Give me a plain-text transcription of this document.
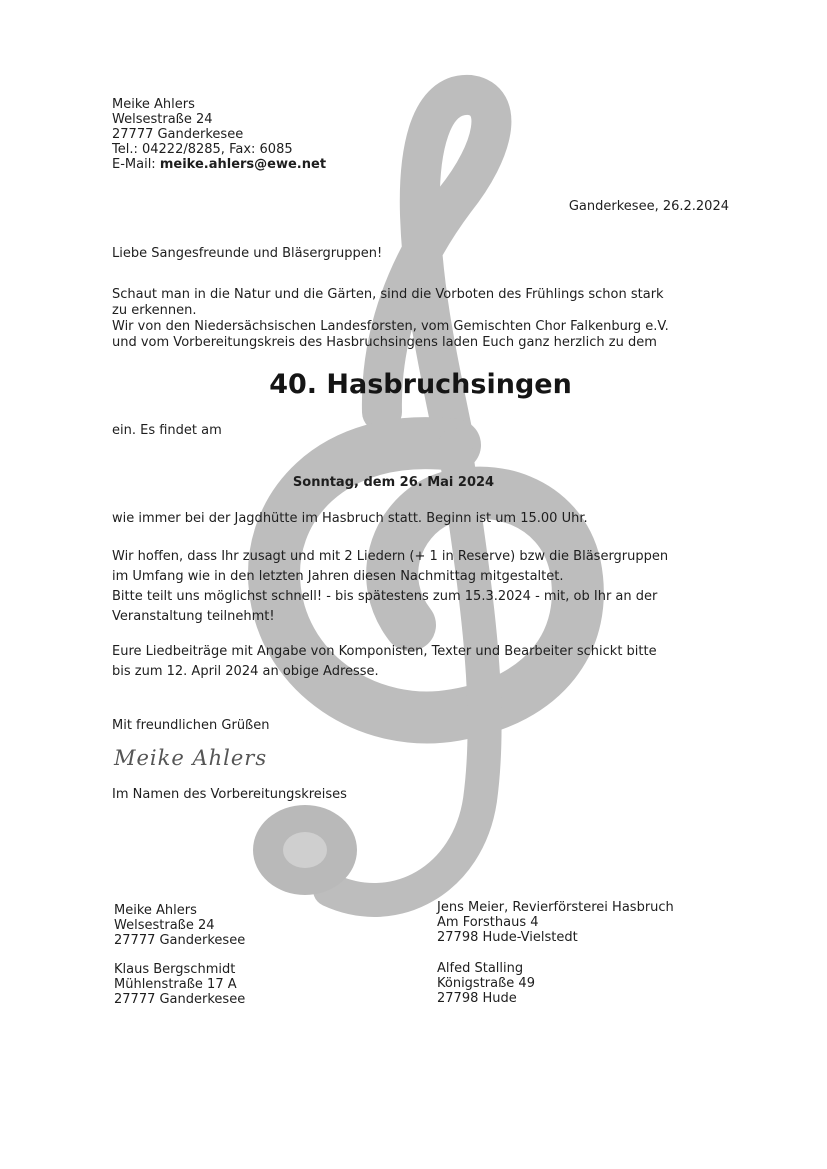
Meike Ahlers
Welsestraße 24
27777 Ganderkesee
Tel.: 04222/8285, Fax: 6085
E-Mail: meike.ahlers@ewe.net

Ganderkesee, 26.2.2024

Liebe Sangesfreunde und Bläsergruppen!

Schaut man in die Natur und die Gärten, sind die Vorboten des Frühlings schon stark
zu erkennen.
Wir von den Niedersächsischen Landesforsten, vom Gemischten Chor Falkenburg e.V.
und vom Vorbereitungskreis des Hasbruchsingens laden Euch ganz herzlich zu dem
40. Hasbruchsingen

ein. Es findet am

Sonntag, dem 26. Mai 2024

wie immer bei der Jagdhütte im Hasbruch statt. Beginn ist um 15.00 Uhr.

Wir hoffen, dass Ihr zusagt und mit 2 Liedern (+ 1 in Reserve) bzw die Bläsergruppen
im Umfang wie in den letzten Jahren diesen Nachmittag mitgestaltet.
Bitte teilt uns möglichst schnell! - bis spätestens zum 15.3.2024 - mit, ob Ihr an der
Veranstaltung teilnehmt!
Eure Liedbeiträge mit Angabe von Komponisten, Texter und Bearbeiter schickt bitte
bis zum 12. April 2024 an obige Adresse.

Mit freundlichen Grüßen

Meike Ahlers

Im Namen des Vorbereitungskreises

Meike Ahlers
Welsestraße 24
27777 Ganderkesee
Jens Meier, Revierförsterei Hasbruch
Am Forsthaus 4
27798 Hude-Vielstedt
Klaus Bergschmidt
Mühlenstraße 17 A
27777 Ganderkesee
Alfed Stalling
Königstraße 49
27798 Hude
